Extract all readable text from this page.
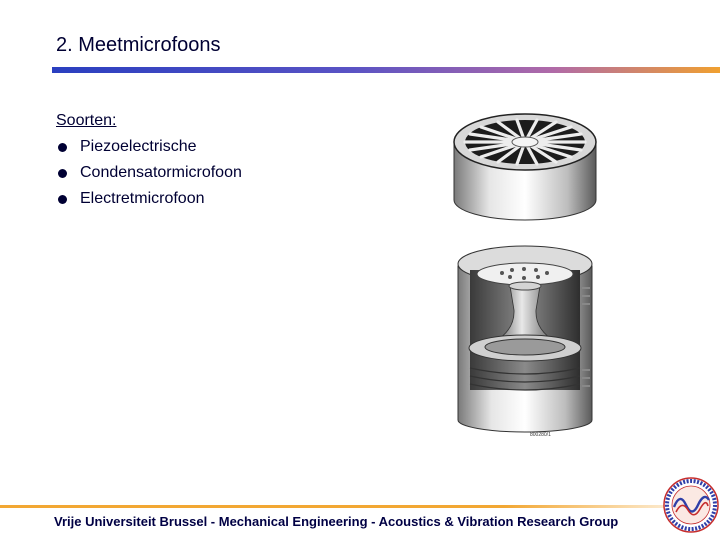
2. Meetmicrofoons
Soorten:
Piezoelectrische
Condensatormicrofoon
Electretmicrofoon
800280/1
Vrije Universiteit Brussel - Mechanical Engineering - Acoustics & Vibration Research Group
